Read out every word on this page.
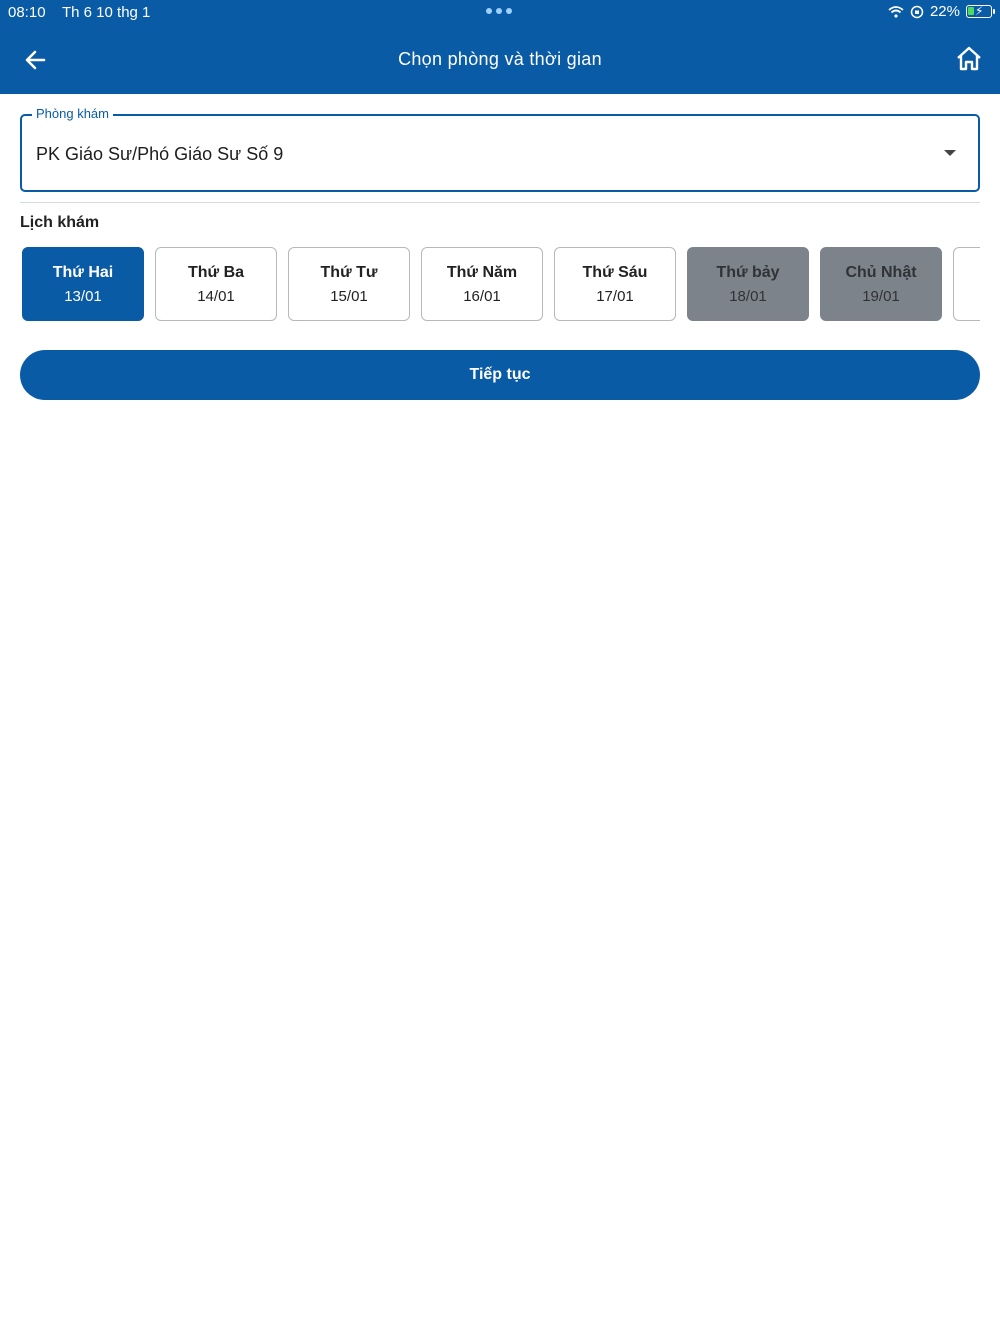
08:10 Th 6 10 thg 1	22% ⚡
Chọn phòng và thời gian
Phòng khám
PK Giáo Sư/Phó Giáo Sư Số 9
Lịch khám
Thứ Hai
13/01
Thứ Ba
14/01
Thứ Tư
15/01
Thứ Năm
16/01
Thứ Sáu
17/01
Thứ bảy
18/01
Chủ Nhật
19/01
Tiếp tục
